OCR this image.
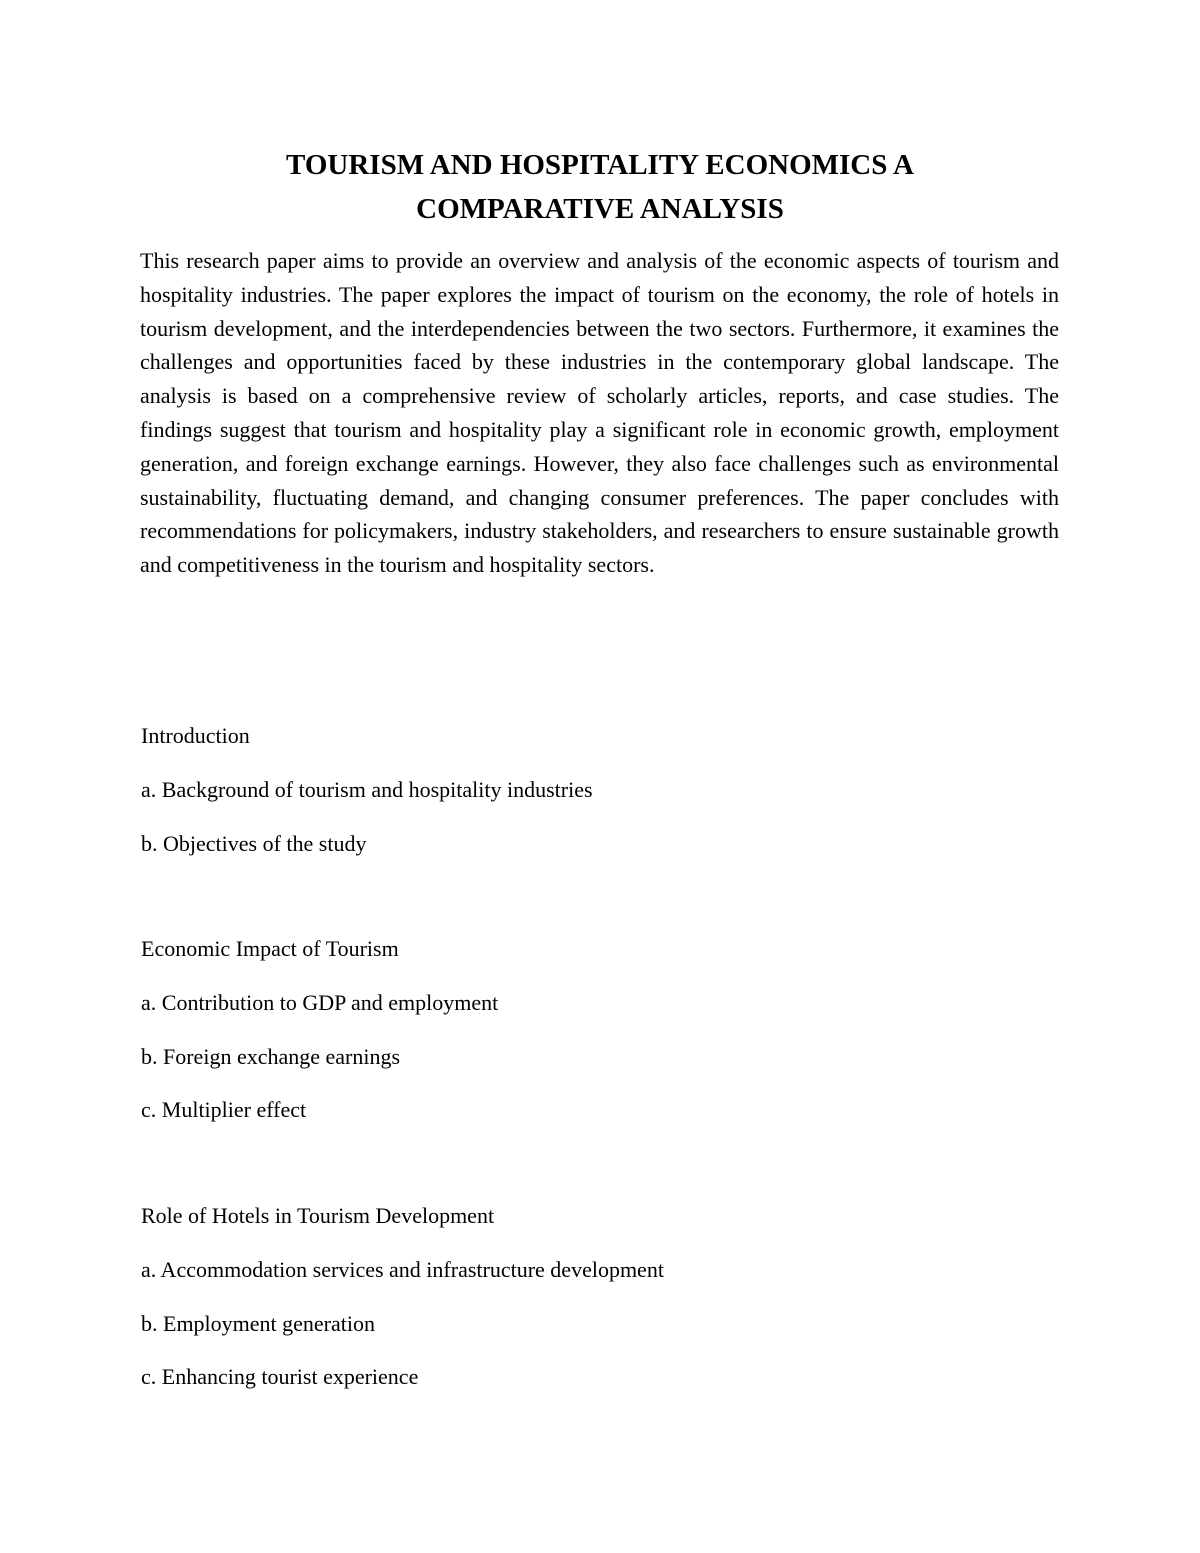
TOURISM AND HOSPITALITY ECONOMICS A
COMPARATIVE ANALYSIS

This research paper aims to provide an overview and analysis of the economic aspects of tourism and hospitality industries. The paper explores the impact of tourism on the economy, the role of hotels in tourism development, and the interdependencies between the two sectors. Furthermore, it examines the challenges and opportunities faced by these industries in the contemporary global landscape. The analysis is based on a comprehensive review of scholarly articles, reports, and case studies. The findings suggest that tourism and hospitality play a significant role in economic growth, employment generation, and foreign exchange earnings. However, they also face challenges such as environmental sustainability, fluctuating demand, and changing consumer preferences. The paper concludes with recommendations for policymakers, industry stakeholders, and researchers to ensure sustainable growth and competitiveness in the tourism and hospitality sectors.

Introduction

a. Background of tourism and hospitality industries

b. Objectives of the study

Economic Impact of Tourism

a. Contribution to GDP and employment

b. Foreign exchange earnings

c. Multiplier effect

Role of Hotels in Tourism Development

a. Accommodation services and infrastructure development

b. Employment generation

c. Enhancing tourist experience
